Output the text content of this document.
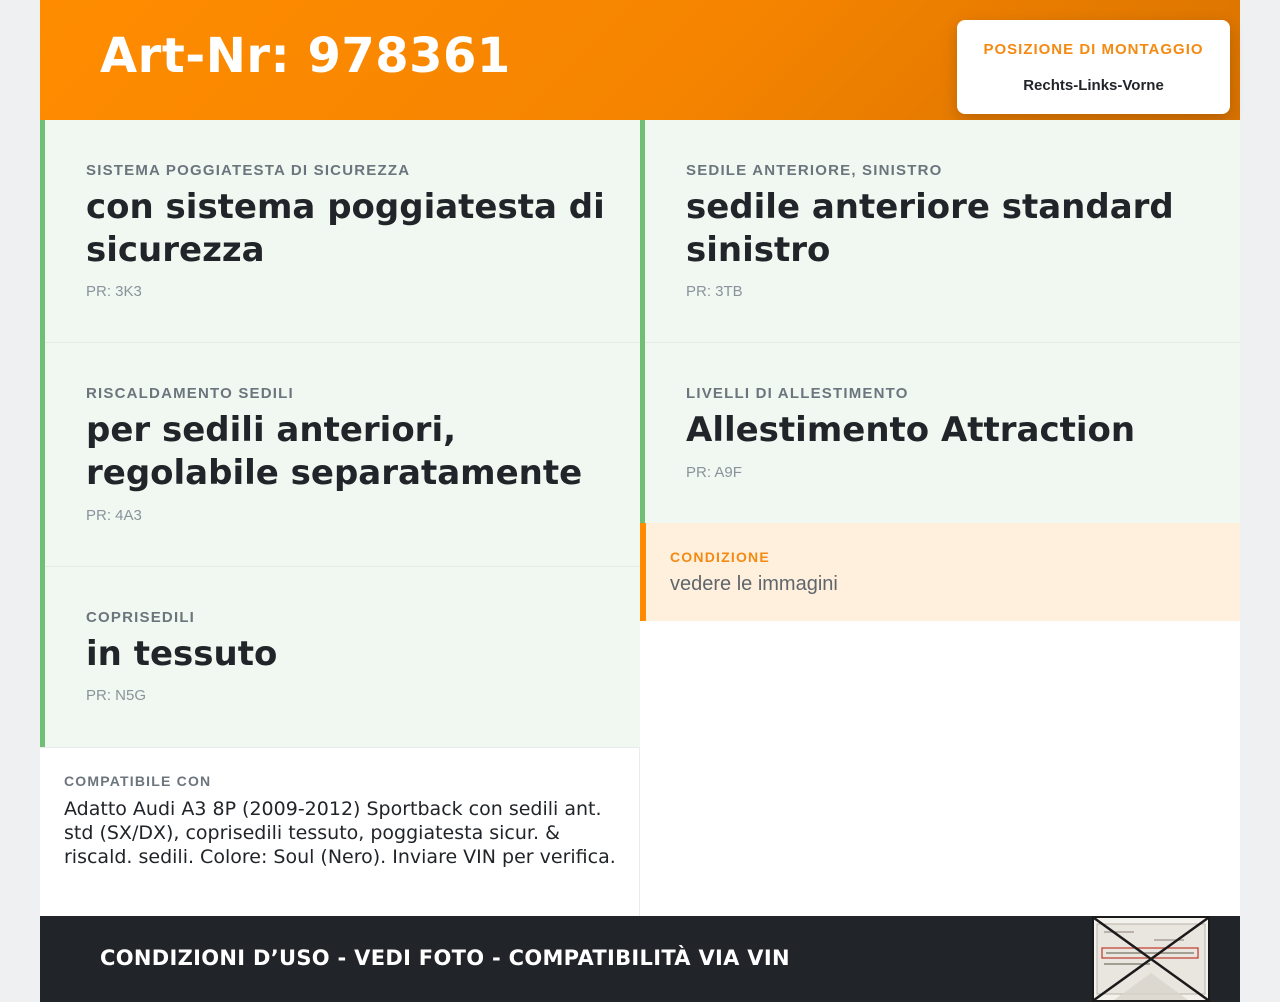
Art-Nr: 978361	POSIZIONE DI MONTAGGIO
Rechts-Links-Vorne
SISTEMA POGGIATESTA DI SICUREZZA
con sistema poggiatesta di sicurezza
PR: 3K3
RISCALDAMENTO SEDILI
per sedili anteriori, regolabile separatamente
PR: 4A3
COPRISEDILI
in tessuto
PR: N5G
SEDILE ANTERIORE, SINISTRO
sedile anteriore standard sinistro
PR: 3TB
LIVELLI DI ALLESTIMENTO
Allestimento Attraction
PR: A9F
CONDIZIONE
vedere le immagini
COMPATIBILE CON
Adatto Audi A3 8P (2009-2012) Sportback con sedili ant. std (SX/DX), coprisedili tessuto, poggiatesta sicur. & riscald. sedili. Colore: Soul (Nero). Inviare VIN per verifica.
CONDIZIONI D’USO - VEDI FOTO - COMPATIBILITÀ VIA VIN
